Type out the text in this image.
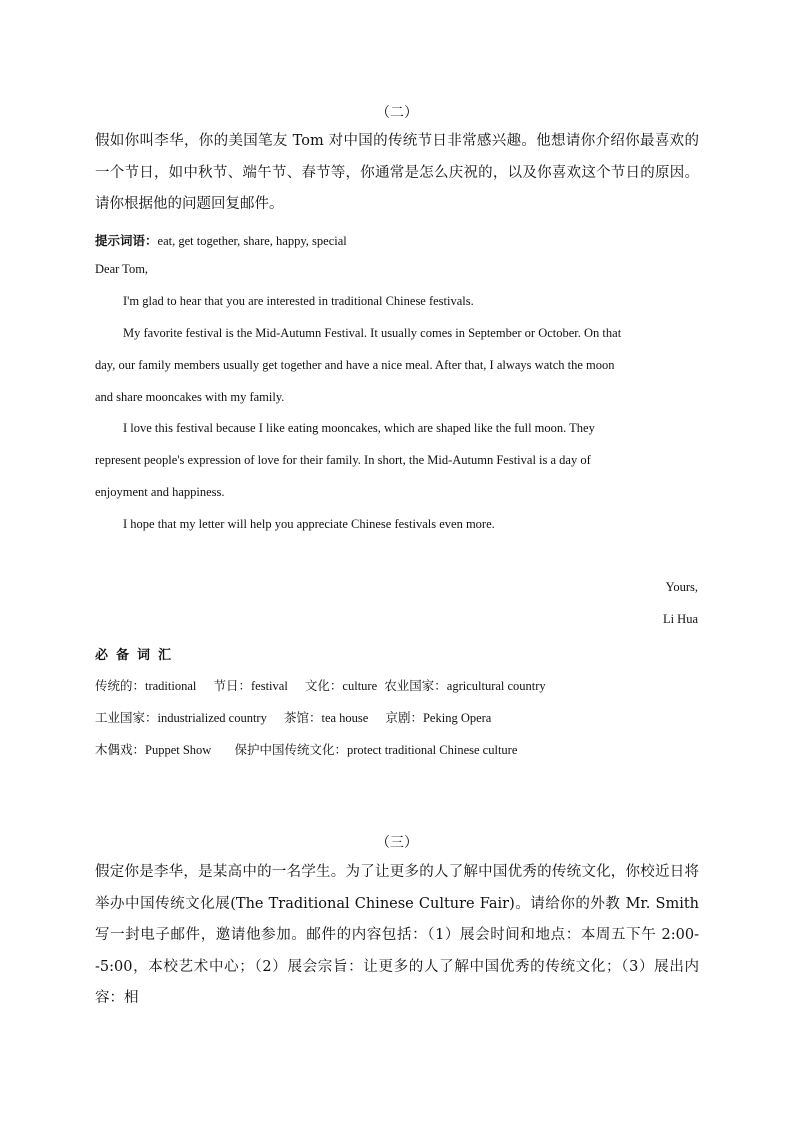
（二）

假如你叫李华，你的美国笔友 Tom 对中国的传统节日非常感兴趣。他想请你介绍你最喜欢的一个节日，如中秋节、端午节、春节等，你通常是怎么庆祝的，以及你喜欢这个节日的原因。请你根据他的问题回复邮件。

提示词语：eat, get together, share, happy, special
Dear Tom,
I'm glad to hear that you are interested in traditional Chinese festivals.
My favorite festival is the Mid-Autumn Festival. It usually comes in September or October. On that
day, our family members usually get together and have a nice meal. After that, I always watch the moon
and share mooncakes with my family.
I love this festival because I like eating mooncakes, which are shaped like the full moon. They
represent people's expression of love for their family. In short, the Mid-Autumn Festival is a day of
enjoyment and happiness.
I hope that my letter will help you appreciate Chinese festivals even more.
Yours,
Li Hua
必备词汇
传统的：traditional 节日：festival 文化：culture 农业国家：agricultural country
工业国家：industrialized country 茶馆：tea house 京剧：Peking Opera
木偶戏：Puppet Show 保护中国传统文化：protect traditional Chinese culture
（三）

假定你是李华，是某高中的一名学生。为了让更多的人了解中国优秀的传统文化，你校近日将举办中国传统文化展(The Traditional Chinese Culture Fair)。请给你的外教 Mr. Smith 写一封电子邮件，邀请他参加。邮件的内容包括：（1）展会时间和地点：本周五下午 2:00--5:00，本校艺术中心；（2）展会宗旨：让更多的人了解中国优秀的传统文化；（3）展出内容：相
